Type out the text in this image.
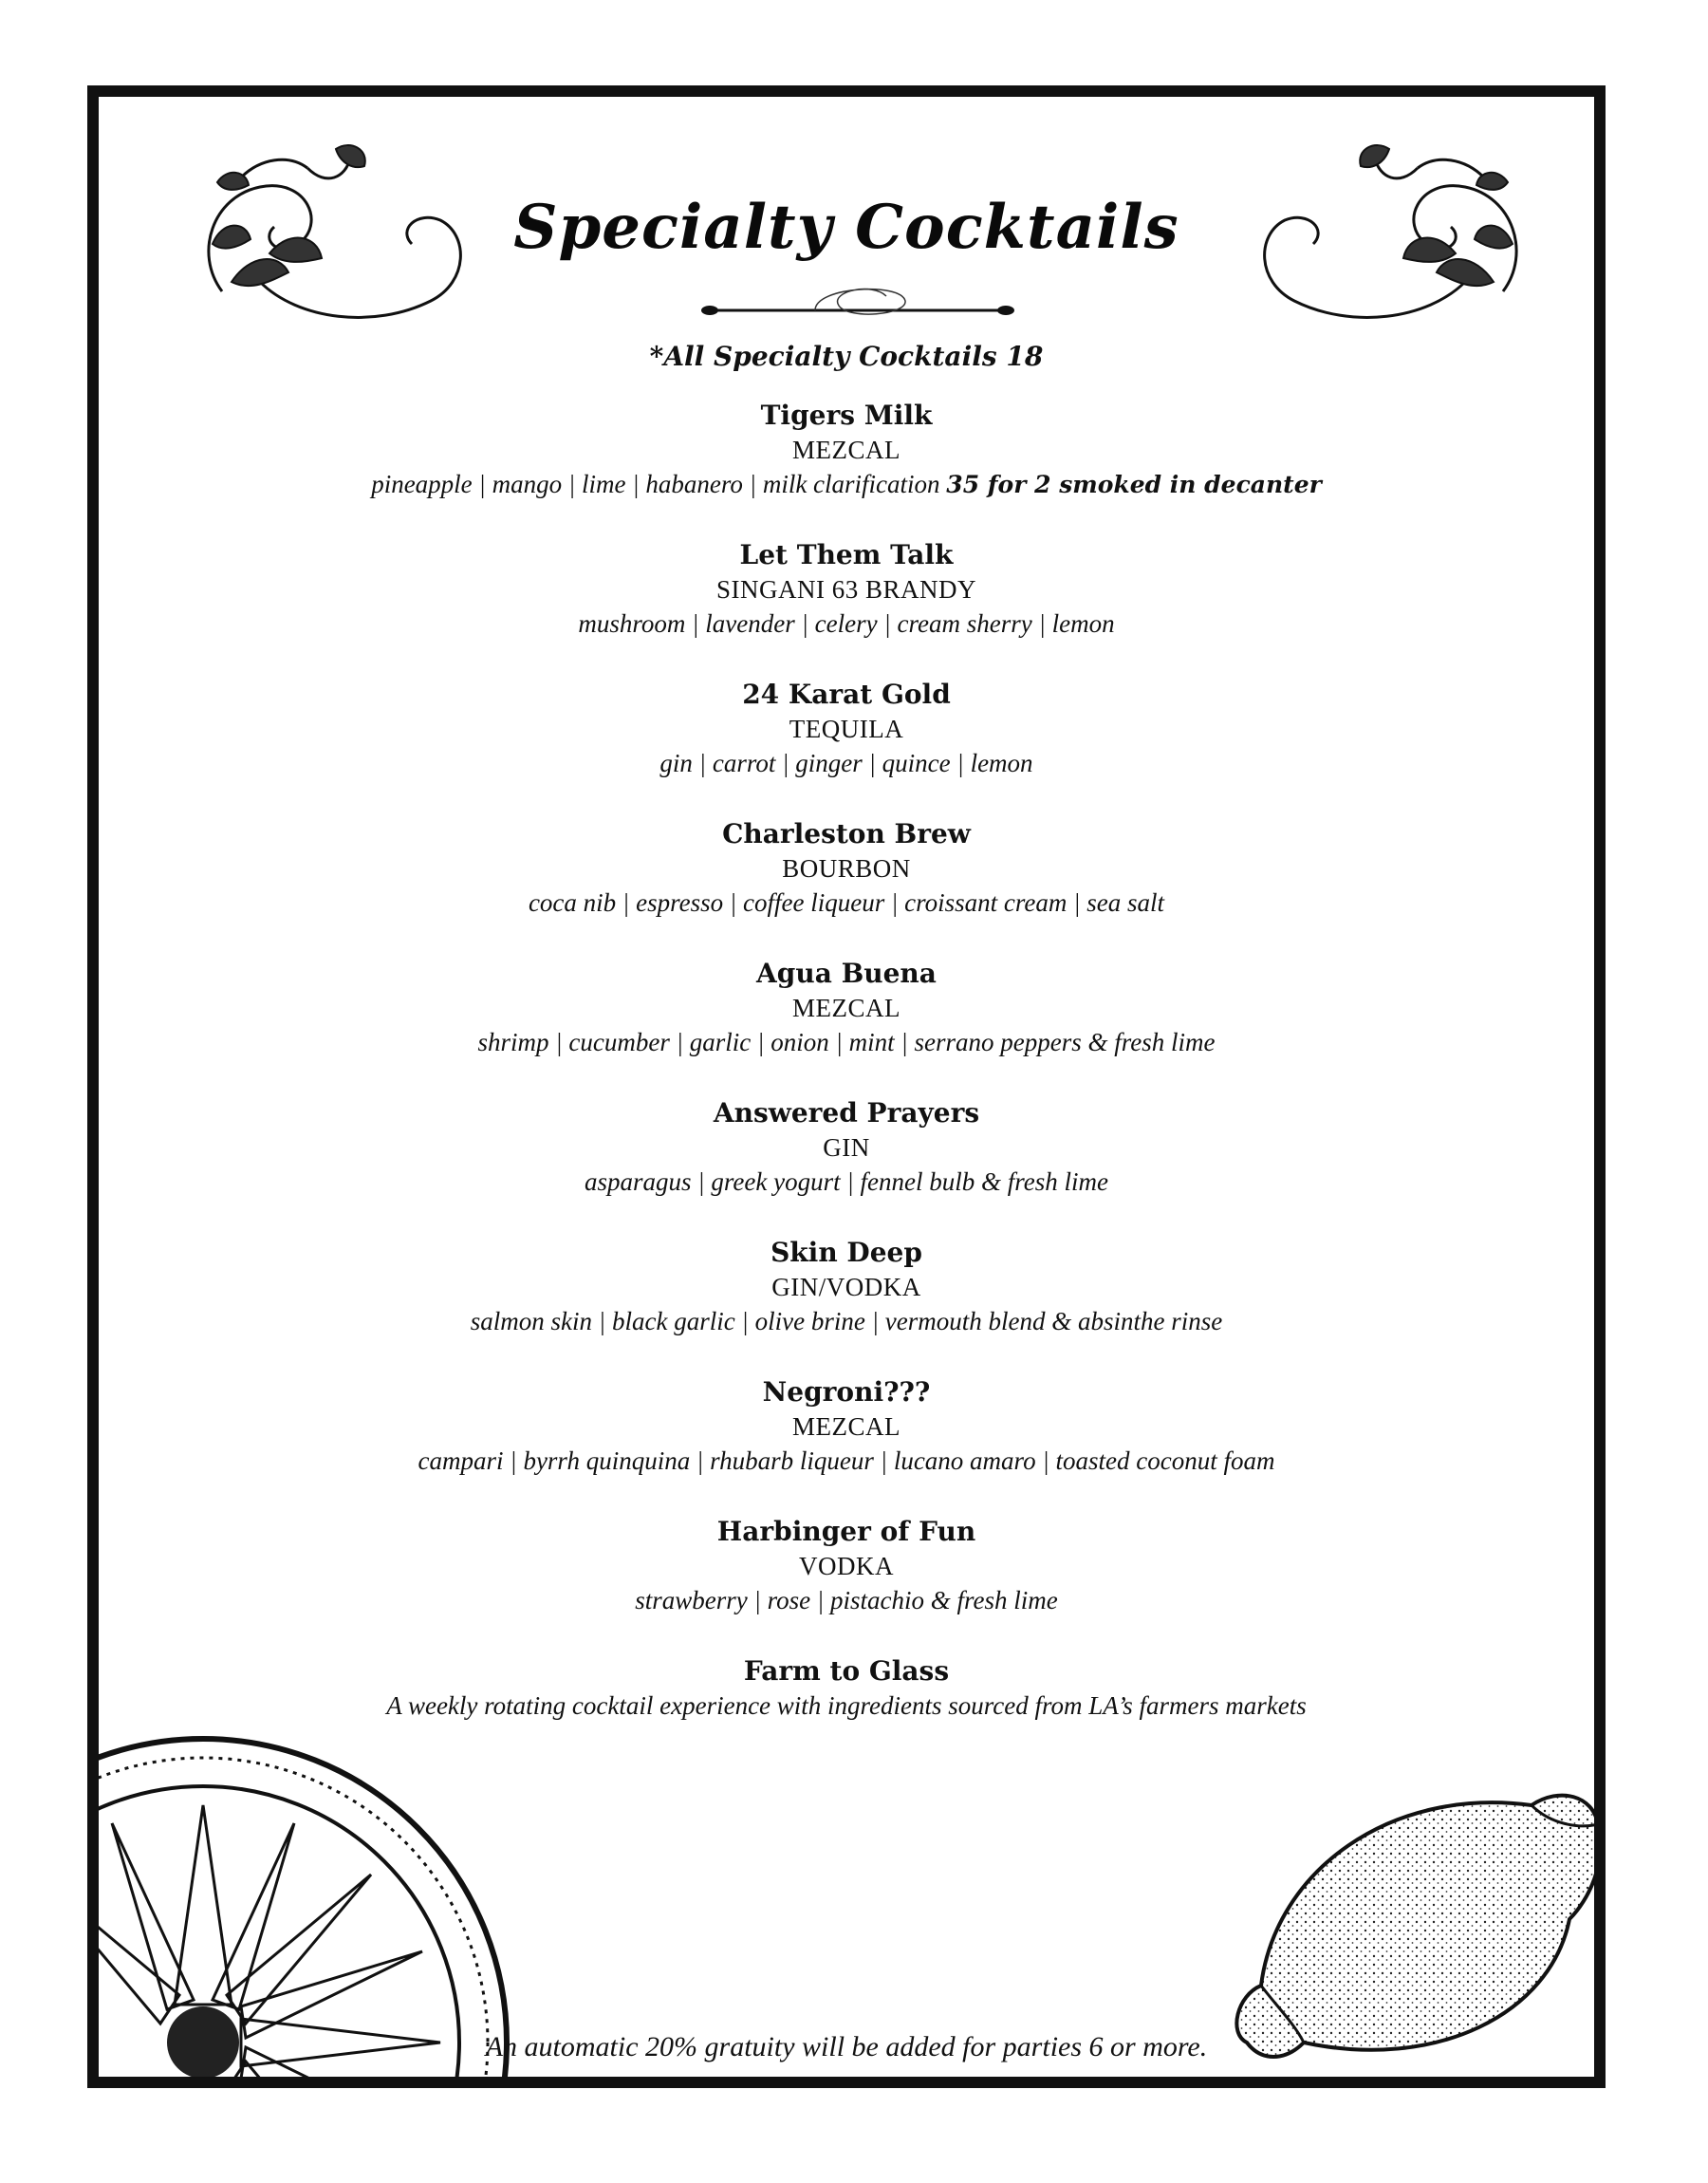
Specialty Cocktails
*All Specialty Cocktails 18
Tigers Milk
MEZCAL
pineapple | mango | lime | habanero | milk clarification 35 for 2 smoked in decanter
Let Them Talk
SINGANI 63 BRANDY
mushroom | lavender | celery | cream sherry | lemon
24 Karat Gold
TEQUILA
gin | carrot | ginger | quince | lemon
Charleston Brew
BOURBON
coca nib | espresso | coffee liqueur | croissant cream | sea salt
Agua Buena
MEZCAL
shrimp | cucumber | garlic | onion | mint | serrano peppers & fresh lime
Answered Prayers
GIN
asparagus | greek yogurt | fennel bulb & fresh lime
Skin Deep
GIN/VODKA
salmon skin | black garlic | olive brine | vermouth blend & absinthe rinse
Negroni???
MEZCAL
campari | byrrh quinquina | rhubarb liqueur | lucano amaro | toasted coconut foam
Harbinger of Fun
VODKA
strawberry | rose | pistachio & fresh lime
Farm to Glass
A weekly rotating cocktail experience with ingredients sourced from LA’s farmers markets
An automatic 20% gratuity will be added for parties 6 or more.
